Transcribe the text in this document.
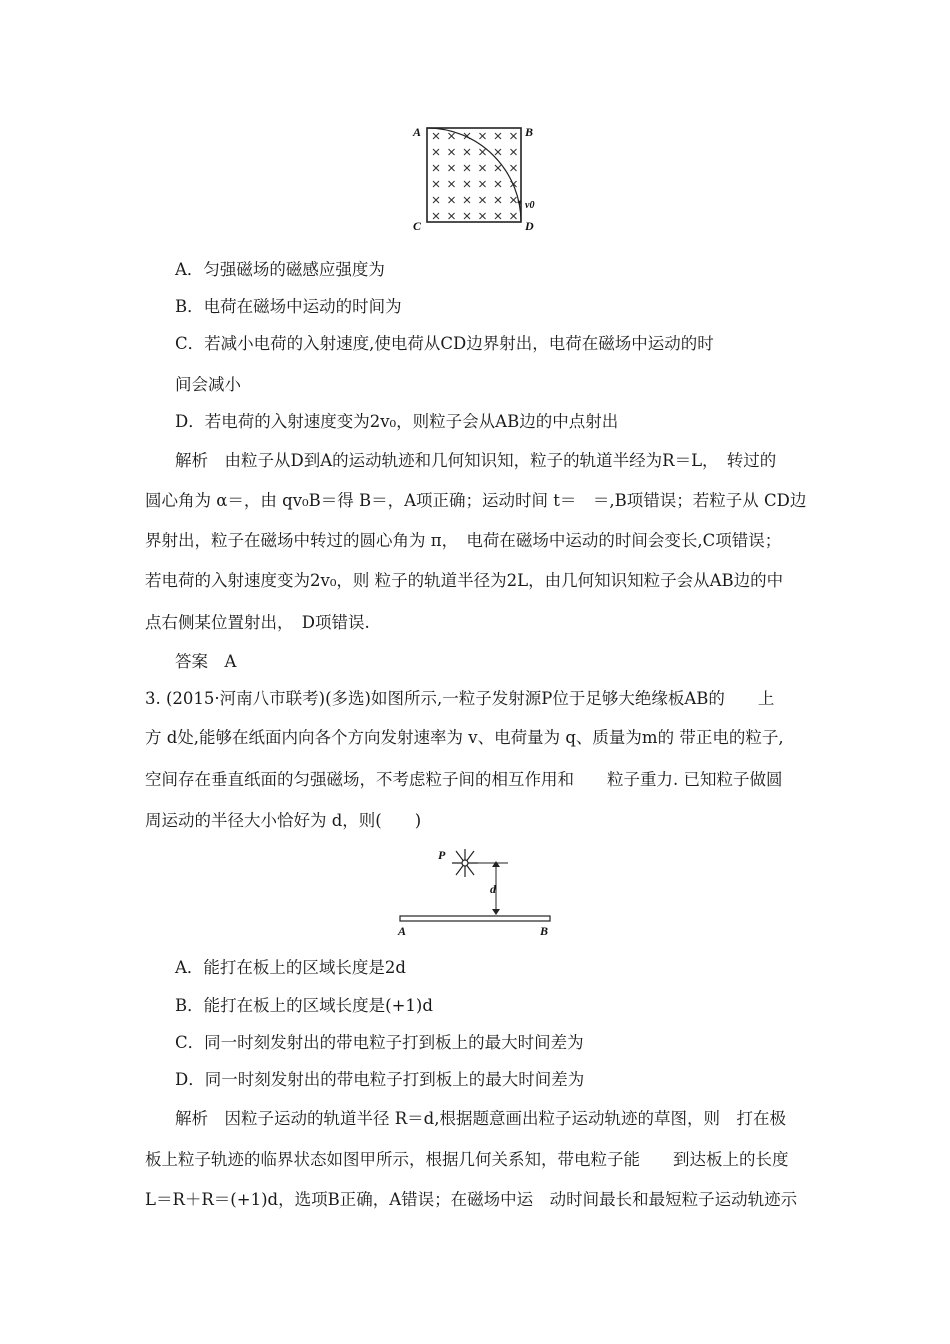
A	B
C	D
v0
A．匀强磁场的磁感应强度为
B．电荷在磁场中运动的时间为
C．若减小电荷的入射速度,使电荷从CD边界射出，电荷在磁场中运动的时
间会减小
D．若电荷的入射速度变为2v₀，则粒子会从AB边的中点射出
解析　由粒子从D到A的运动轨迹和几何知识知，粒子的轨道半经为R＝L，　转过的
圆心角为 α＝，由 qv₀B＝得 B＝，A项正确；运动时间 t＝　＝,B项错误；若粒子从 CD边
界射出，粒子在磁场中转过的圆心角为 π，　电荷在磁场中运动的时间会变长,C项错误；
若电荷的入射速度变为2v₀，则 粒子的轨道半径为2L，由几何知识知粒子会从AB边的中
点右侧某位置射出，　D项错误.
答案　A
3. (2015·河南八市联考)(多选)如图所示,一粒子发射源P位于足够大绝缘板AB的　　上
方 d处,能够在纸面内向各个方向发射速率为 v、电荷量为 q、质量为m的 带正电的粒子,
空间存在垂直纸面的匀强磁场，不考虑粒子间的相互作用和　　粒子重力. 已知粒子做圆
周运动的半径大小恰好为 d，则(　　)
P
d
A	B
A．能打在板上的区域长度是2d
B．能打在板上的区域长度是(+1)d
C．同一时刻发射出的带电粒子打到板上的最大时间差为
D．同一时刻发射出的带电粒子打到板上的最大时间差为
解析　因粒子运动的轨道半径 R＝d,根据题意画出粒子运动轨迹的草图，则　打在极
板上粒子轨迹的临界状态如图甲所示，根据几何关系知，带电粒子能　　到达板上的长度
L＝R＋R＝(+1)d，选项B正确，A错误；在磁场中运　动时间最长和最短粒子运动轨迹示
